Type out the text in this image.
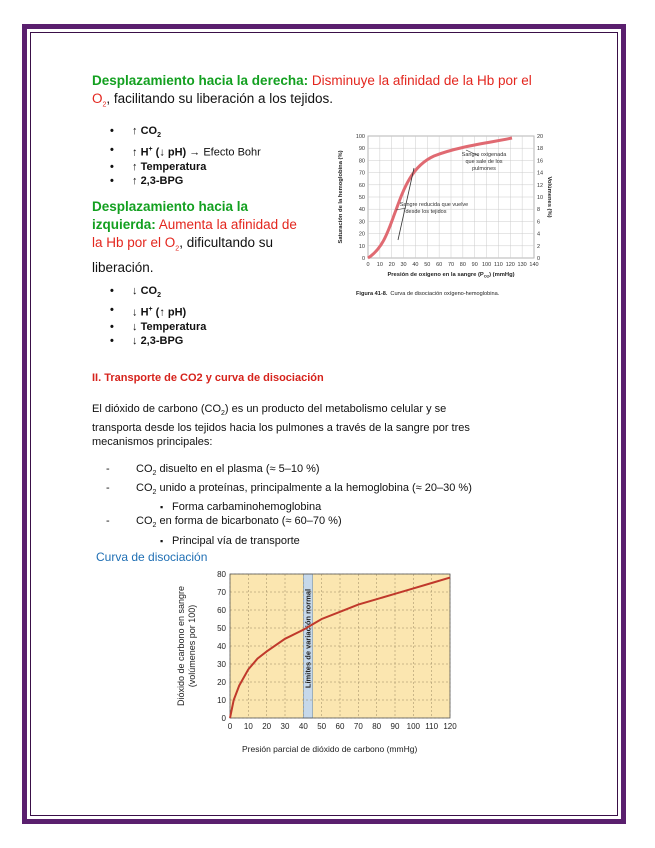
Desplazamiento hacia la derecha: Disminuye la afinidad de la Hb por el
$O_2$, facilitando su liberación a los tejidos.
• ↑ $CO_2$
• ↑ H+ (↓ pH) → Efecto Bohr
• ↑ Temperatura
• ↑ 2,3-BPG
Desplazamiento hacia la
izquierda: Aumenta la afinidad de
la Hb por el $O_2$, dificultando su
liberación.
• ↓ $CO_2$
• ↓ H+ (↑ pH)
• ↓ Temperatura
• ↓ 2,3-BPG
Sangre oxigenada
que sale de los
pulmones
Sangre reducida que vuelve
desde los tejidos
100
90
80
70
60
50
40
30
20
10
0
20
18
16
14
12
10
8
6
4
2
0
0 10 20 30 40 50 60 70 80 90 100 110 120 130 140
Saturación de la hemoglobina (%)	Volúmenes (%)
Presión de oxígeno en la sangre $(P_{O2})$ (mmHg)
Figura 41-8. Curva de disociación oxígeno-hemoglobina.
II. Transporte de CO2 y curva de disociación
El dióxido de carbono $(CO_2)$ es un producto del metabolismo celular y se
transporta desde los tejidos hacia los pulmones a través de la sangre por tres
mecanismos principales:
- $CO_2$ disuelto en el plasma (≈ 5–10 %)
- $CO_2$ unido a proteínas, principalmente a la hemoglobina (≈ 20–30 %)
▪ Forma carbaminohemoglobina
- $CO_2$ en forma de bicarbonato (≈ 60–70 %)
▪ Principal vía de transporte
Curva de disociación
Límites de variación normal
0
10
20
30
40
50
60
70
80
0 10 20 30 40 50 60 70 80 90 100 110 120
Presión parcial de dióxido de carbono (mmHg)
Dióxido de carbono en sangre (volúmenes por 100)
